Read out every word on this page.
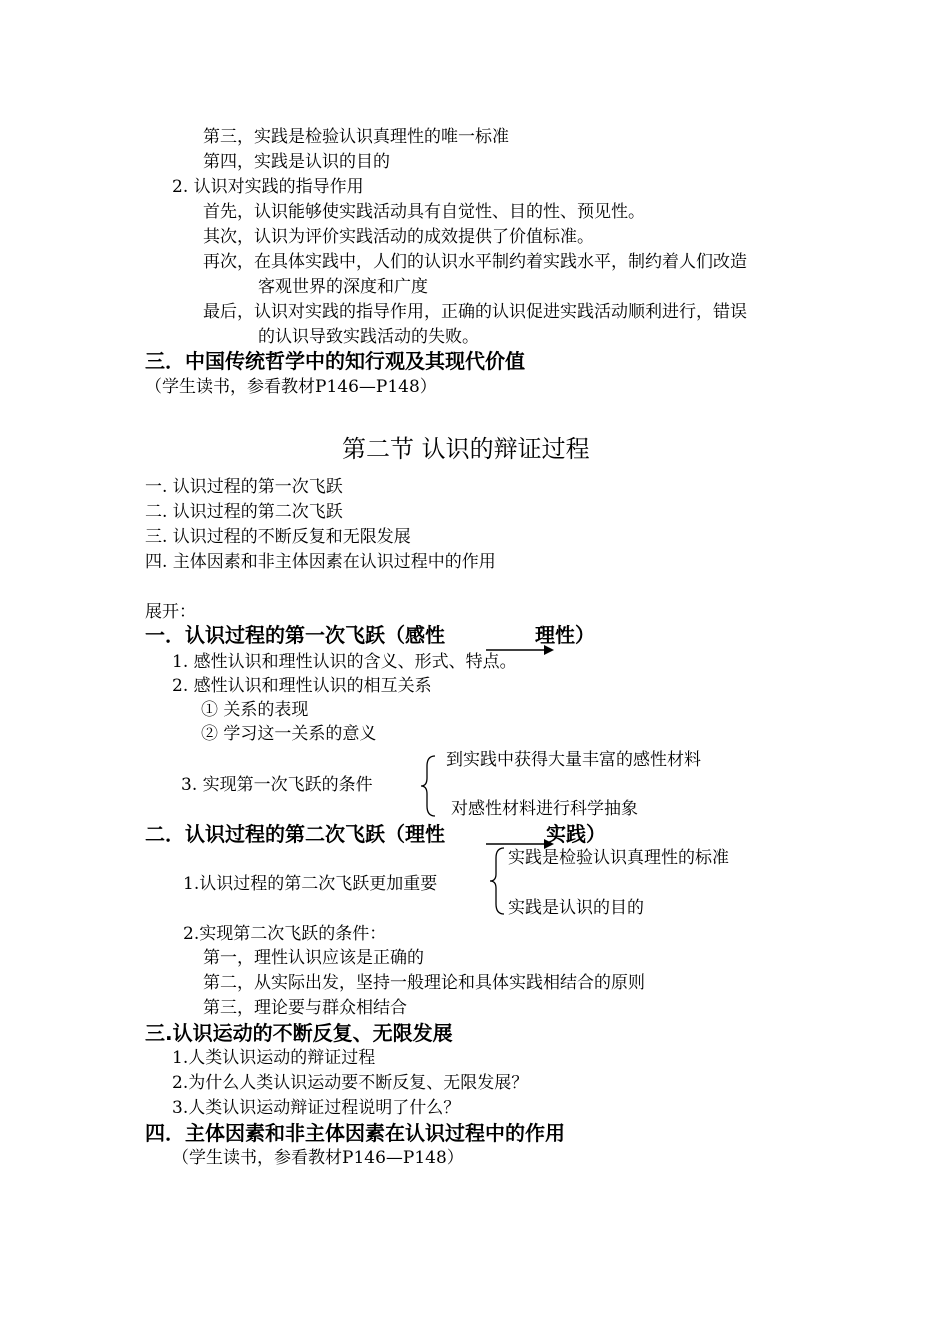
第三，实践是检验认识真理性的唯一标准
第四，实践是认识的目的
2. 认识对实践的指导作用
首先，认识能够使实践活动具有自觉性、目的性、预见性。
其次，认识为评价实践活动的成效提供了价值标准。
再次，在具体实践中，人们的认识水平制约着实践水平，制约着人们改造
客观世界的深度和广度
最后，认识对实践的指导作用，正确的认识促进实践活动顺利进行，错误
的认识导致实践活动的失败。
三．中国传统哲学中的知行观及其现代价值
（学生读书，参看教材P146—P148）
第二节 认识的辩证过程
一. 认识过程的第一次飞跃
二. 认识过程的第二次飞跃
三. 认识过程的不断反复和无限发展
四. 主体因素和非主体因素在认识过程中的作用
展开：
一．认识过程的第一次飞跃（感性	理性）
1. 感性认识和理性认识的含义、形式、特点。
2. 感性认识和理性认识的相互关系
① 关系的表现
② 学习这一关系的意义
3. 实现第一次飞跃的条件
到实践中获得大量丰富的感性材料
对感性材料进行科学抽象
二．认识过程的第二次飞跃（理性	实践）
1.认识过程的第二次飞跃更加重要
实践是检验认识真理性的标准
实践是认识的目的
2.实现第二次飞跃的条件：
第一，理性认识应该是正确的
第二，从实际出发，坚持一般理论和具体实践相结合的原则
第三，理论要与群众相结合
三.认识运动的不断反复、无限发展
1.人类认识运动的辩证过程
2.为什么人类认识运动要不断反复、无限发展？
3.人类认识运动辩证过程说明了什么？
四．主体因素和非主体因素在认识过程中的作用
（学生读书，参看教材P146—P148）
